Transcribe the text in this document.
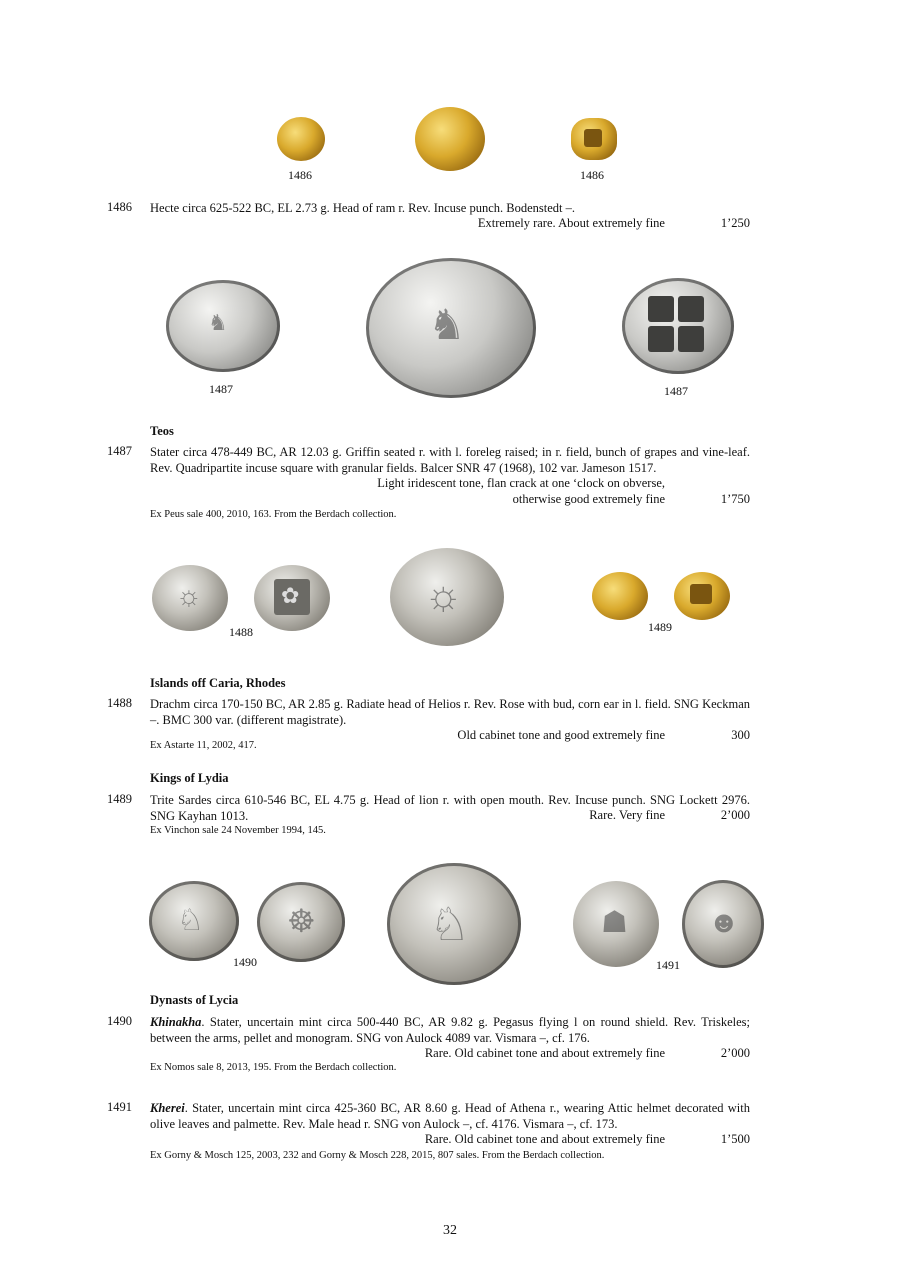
1486	1486
1486 Hecte circa 625-522 BC, EL 2.73 g. Head of ram r. Rev. Incuse punch. Bodenstedt –.
Extremely rare. About extremely fine	1’250
♞	♞
1487	1487
Teos
1487 Stater circa 478-449 BC, AR 12.03 g. Griffin seated r. with l. foreleg raised; in r. field, bunch of grapes and vine-leaf. Rev. Quadripartite incuse square with granular fields. Balcer SNR 47 (1968), 102 var. Jameson 1517.
Light iridescent tone, flan crack at one ‘clock on obverse,
otherwise good extremely fine	1’750
Ex Peus sale 400, 2010, 163. From the Berdach collection.
☼	✿	☼
1488	1489
Islands off Caria, Rhodes
1488 Drachm circa 170-150 BC, AR 2.85 g. Radiate head of Helios r. Rev. Rose with bud, corn ear in l. field. SNG Keckman –. BMC 300 var. (different magistrate).
Old cabinet tone and good extremely fine	300
Ex Astarte 11, 2002, 417.
Kings of Lydia
1489 Trite Sardes circa 610-546 BC, EL 4.75 g. Head of lion r. with open mouth. Rev. Incuse punch. SNG Lockett 2976. SNG Kayhan 1013.	Rare. Very fine	2’000
Ex Vinchon sale 24 November 1994, 145.
♘	☸ ♘
1490
☗	☻
1491
Dynasts of Lycia
1490 Khinakha. Stater, uncertain mint circa 500-440 BC, AR 9.82 g. Pegasus flying l on round shield. Rev. Triskeles; between the arms, pellet and monogram. SNG von Aulock 4089 var. Vismara –, cf. 176.
Rare. Old cabinet tone and about extremely fine	2’000
Ex Nomos sale 8, 2013, 195. From the Berdach collection.
1491 Kherei. Stater, uncertain mint circa 425-360 BC, AR 8.60 g. Head of Athena r., wearing Attic helmet decorated with olive leaves and palmette. Rev. Male head r. SNG von Aulock –, cf. 4176. Vismara –, cf. 173.
Rare. Old cabinet tone and about extremely fine	1’500
Ex Gorny & Mosch 125, 2003, 232 and Gorny & Mosch 228, 2015, 807 sales. From the Berdach collection.
32
